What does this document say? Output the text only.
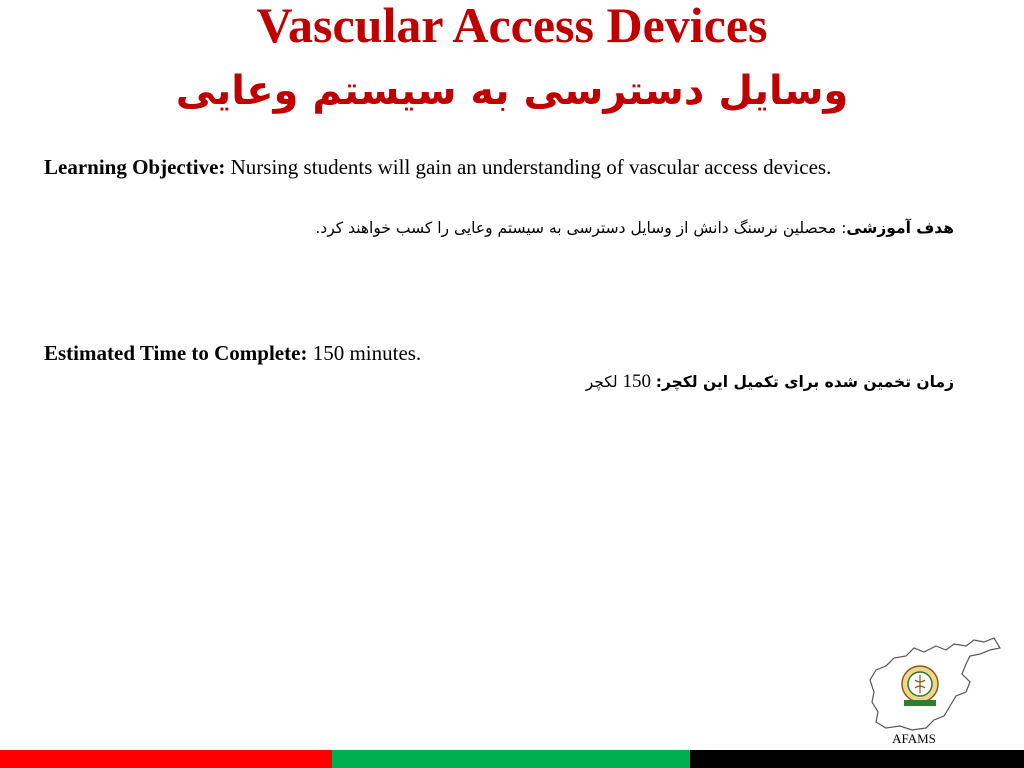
Vascular Access Devices
وسایل دسترسی به سیستم وعایی
Learning Objective: Nursing students will gain an understanding of vascular access devices.
هدف آموزشی: محصلین نرسنگ دانش از وسایل دسترسی به سیستم وعایی را کسب خواهند کرد.
Estimated Time to Complete: 150 minutes.
زمان تخمین شده برای تکمیل این لکچر: 150 لکچر
AFAMS
